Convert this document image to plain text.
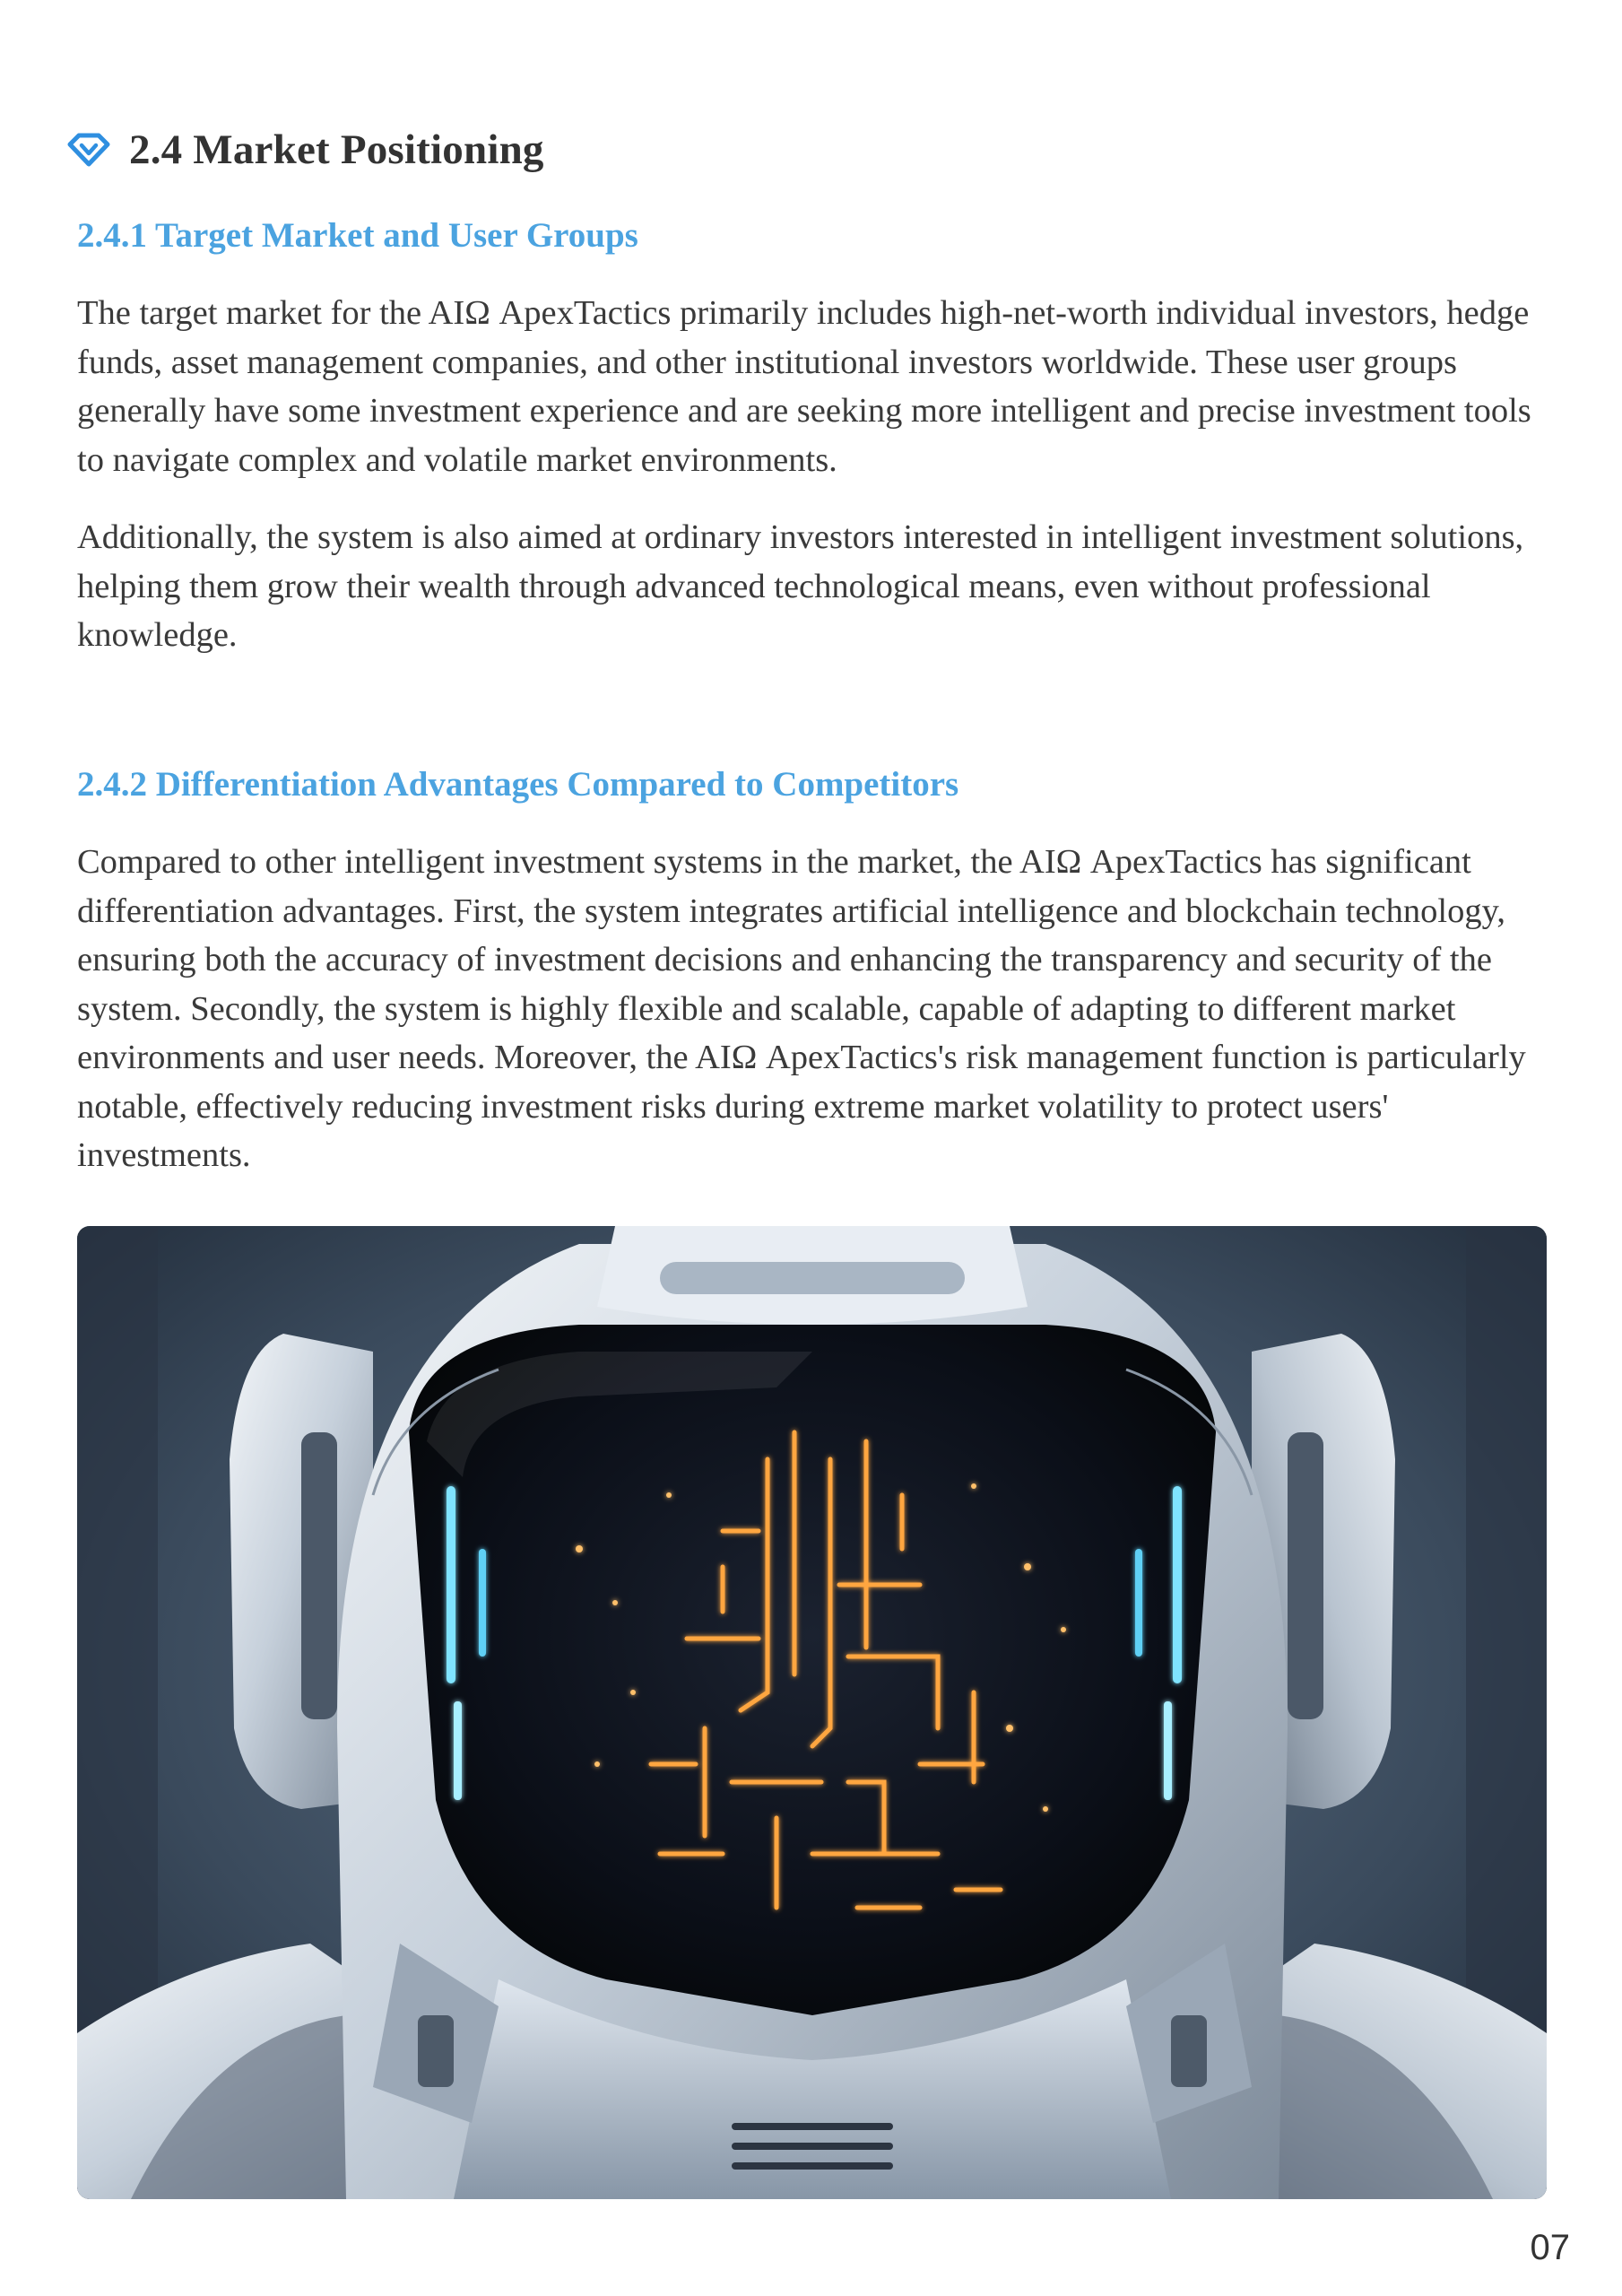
2.4 Market Positioning
2.4.1 Target Market and User Groups

The target market for the AIΩ ApexTactics primarily includes high-net-worth individual investors, hedge funds, asset management companies, and other institutional investors worldwide. These user groups generally have some investment experience and are seeking more intelligent and precise investment tools to navigate complex and volatile market environments.

Additionally, the system is also aimed at ordinary investors interested in intelligent investment solutions, helping them grow their wealth through advanced technological means, even without professional knowledge.

2.4.2 Differentiation Advantages Compared to Competitors

Compared to other intelligent investment systems in the market, the AIΩ ApexTactics has significant differentiation advantages. First, the system integrates artificial intelligence and blockchain technology, ensuring both the accuracy of investment decisions and enhancing the transparency and security of the system. Secondly, the system is highly flexible and scalable, capable of adapting to different market environments and user needs. Moreover, the AIΩ ApexTactics's risk management function is particularly notable, effectively reducing investment risks during extreme market volatility to protect users' investments.

07
